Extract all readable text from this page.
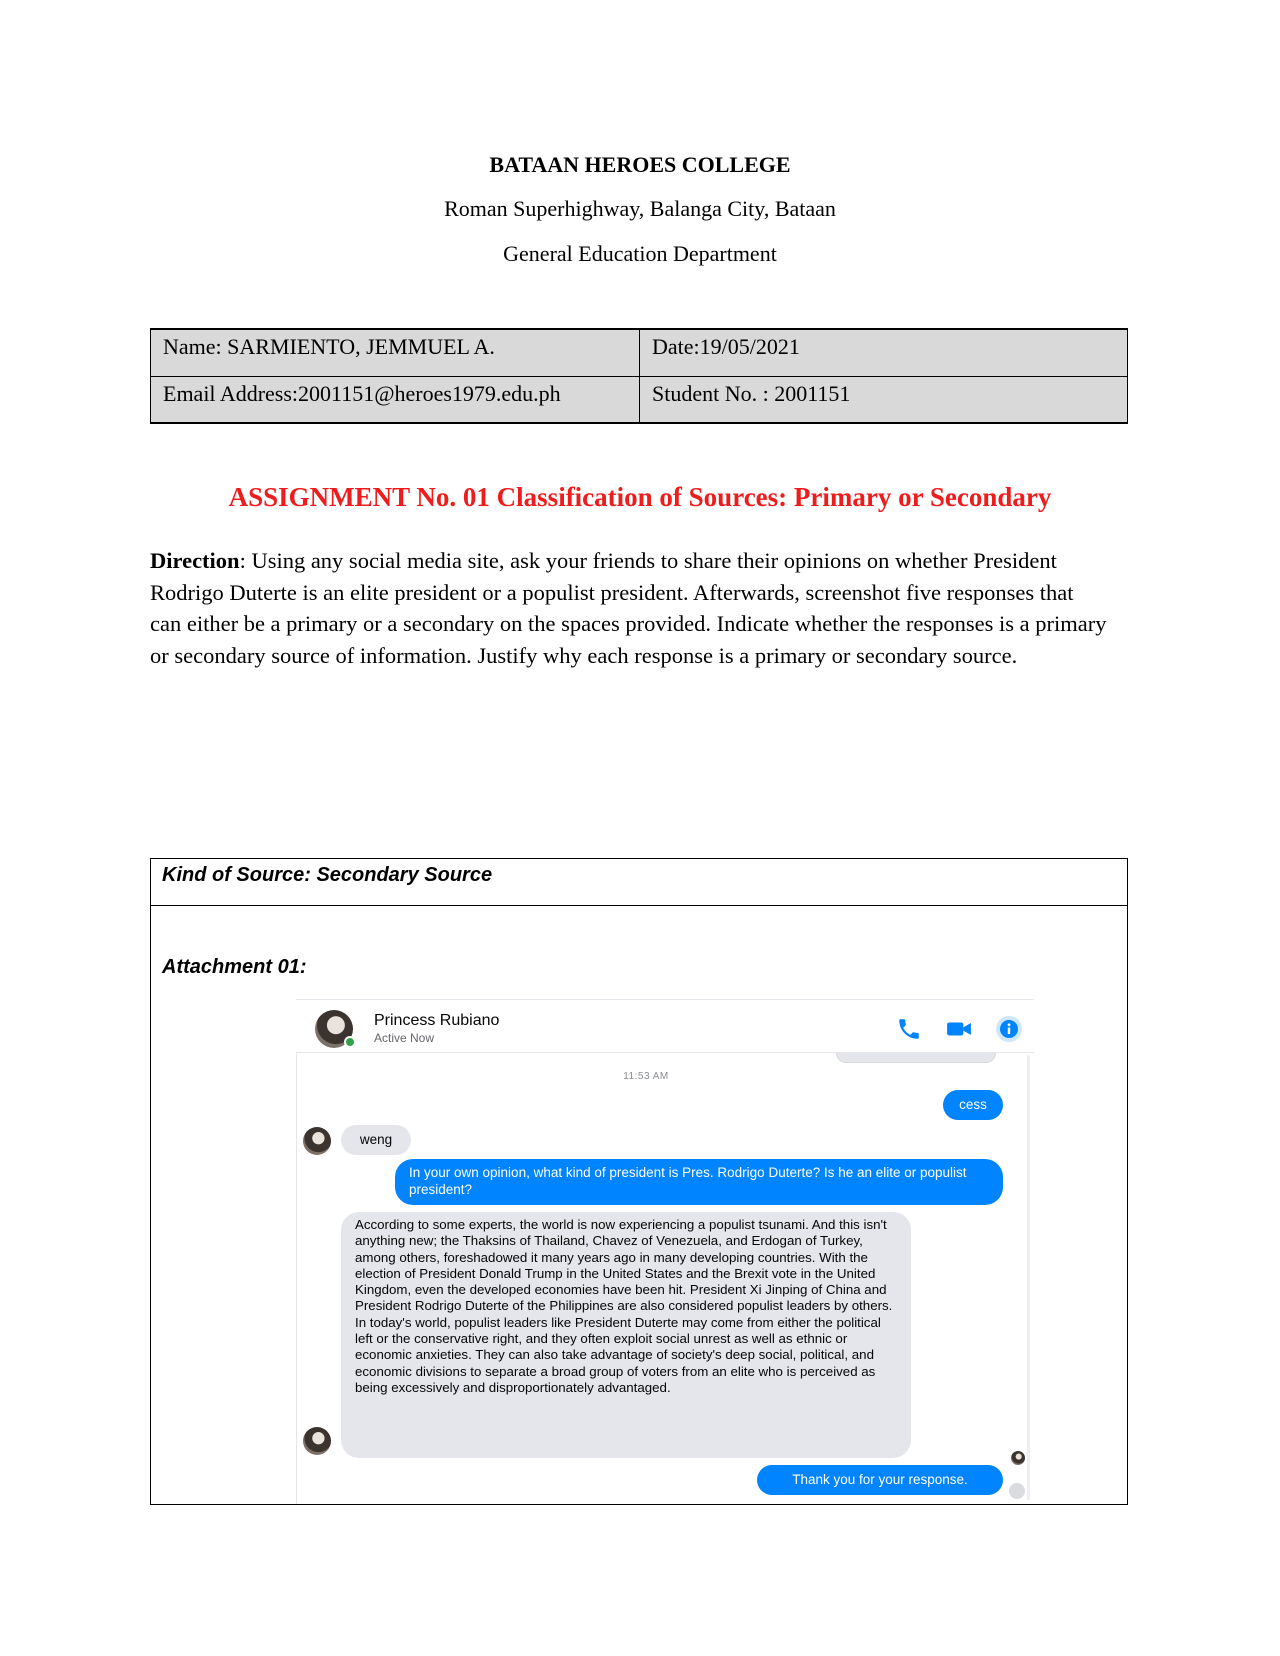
BATAAN HEROES COLLEGE
Roman Superhighway, Balanga City, Bataan
General Education Department
Name: SARMIENTO, JEMMUEL A.	Date:19/05/2021
Email Address:2001151@heroes1979.edu.ph	Student No. : 2001151
ASSIGNMENT No. 01 Classification of Sources: Primary or Secondary
Direction: Using any social media site, ask your friends to share their opinions on whether President Rodrigo Duterte is an elite president or a populist president. Afterwards, screenshot five responses that can either be a primary or a secondary on the spaces provided. Indicate whether the responses is a primary or secondary source of information. Justify why each response is a primary or secondary source.
Kind of Source: Secondary Source
Attachment 01:
Princess Rubiano
Active Now
11:53 AM
cess
weng
In your own opinion, what kind of president is Pres. Rodrigo Duterte? Is he an elite or populist president?
According to some experts, the world is now experiencing a populist tsunami. And this isn't anything new; the Thaksins of Thailand, Chavez of Venezuela, and Erdogan of Turkey, among others, foreshadowed it many years ago in many developing countries. With the election of President Donald Trump in the United States and the Brexit vote in the United Kingdom, even the developed economies have been hit. President Xi Jinping of China and President Rodrigo Duterte of the Philippines are also considered populist leaders by others.
In today's world, populist leaders like President Duterte may come from either the political left or the conservative right, and they often exploit social unrest as well as ethnic or economic anxieties. They can also take advantage of society's deep social, political, and economic divisions to separate a broad group of voters from an elite who is perceived as being excessively and disproportionately advantaged.
Thank you for your response.
